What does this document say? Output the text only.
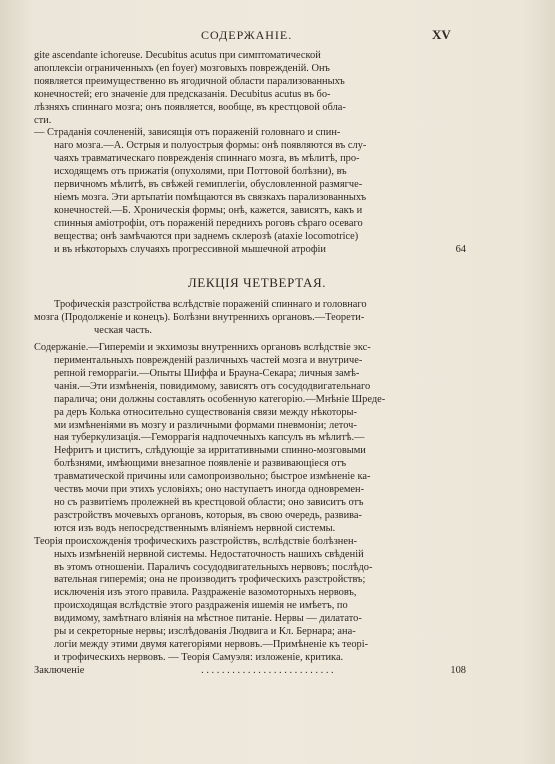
СОДЕРЖАНІЕ.	XV
gite ascendante ichoreuse. Decubitus acutus при симптоматической
апоплексіи ограниченныхъ (en foyer) мозговыхъ поврежденій. Онъ
появляется преимущественно въ ягодичной области парализованныхъ
конечностей; его значеніе для предсказанія. Decubitus acutus въ бо-
лѣзняхъ спиннаго мозга; онъ появляется, вообще, въ крестцовой обла-
сти.
— Страданія сочлененій, зависящія отъ пораженій головнаго и спин-
наго мозга.—А. Острыя и полуострыя формы: онѣ появляются въ слу-
чаяхъ травматическаго поврежденія спиннаго мозга, въ мѣлитѣ, про-
исходящемъ отъ прижатія (опухолями, при Поттовой болѣзни), въ
первичномъ мѣлитѣ, въ свѣжей гемиплегіи, обусловленной размягче-
ніемъ мозга. Эти артьпатіи помѣщаются въ связкахъ парализованныхъ
конечностей.—Б. Хроническія формы; онѣ, кажется, зависятъ, какъ и
спинныя аміотрофіи, отъ пораженій переднихъ роговъ сѣраго осеваго
вещества; онѣ замѣчаются при заднемъ склерозѣ (ataxie locomotrice)
и въ нѣкоторыхъ случаяхъ прогрессивной мышечной атрофіи	64
ЛЕКЦІЯ ЧЕТВЕРТАЯ.
Трофическія разстройства вслѣдствіе пораженій спиннаго и головнаго
мозга (Продолженіе и конецъ). Болѣзни внутреннихъ органовъ.—Теорети-
ческая часть.
Содержаніе.—Гипереміи и экхимозы внутреннихъ органовъ вслѣдствіе экс-
периментальныхъ поврежденій различныхъ частей мозга и внутриче-
репной геморрагіи.—Опыты Шиффа и Брауна-Секара; личныя замѣ-
чанія.—Эти измѣненія, повидимому, зависятъ отъ сосудодвигательнаго
паралича; они должны составлять особенную категорію.—Мнѣніе Шреде-
ра деръ Колька относительно существованія связи между нѣкоторы-
ми измѣненіями въ мозгу и различными формами пневмоніи; леточ-
ная туберкулизація.—Геморрагія надпочечныхъ капсулъ въ мѣлитѣ.—
Нефритъ и циститъ, слѣдующіе за ирритативными спинно-мозговыми
болѣзнями, имѣющими внезапное появленіе и развивающіеся отъ
травматической причины или самопроизвольно; быстрое измѣненіе ка-
чествъ мочи при этихъ условіяхъ; оно наступаетъ иногда одновремен-
но съ развитіемъ пролежней въ крестцовой области; оно зависитъ отъ
разстройствъ мочевыхъ органовъ, которыя, въ свою очередь, развива-
ются изъ водъ непосредственнымъ вліяніемъ нервной системы.
Теорія происхожденія трофическихъ разстройствъ, вслѣдствіе болѣзнен-
ныхъ измѣненій нервной системы. Недостаточность нашихъ свѣденій
въ этомъ отношеніи. Параличъ сосудодвигательныхъ нервовъ; послѣдо-
вательная гиперемія; она не производитъ трофическихъ разстройствъ;
исключенія изъ этого правила. Раздраженіе вазомоторныхъ нервовъ,
происходящая вслѣдствіе этого раздраженія ишемія не имѣетъ, по
видимому, замѣтнаго вліянія на мѣстное питаніе. Нервы — дилатато-
ры и секреторные нервы; изслѣдованія Людвига и Кл. Бернара; ана-
логіи между этими двумя категоріями нервовъ.—Примѣненіе къ теорі-
и трофическихъ нервовъ. — Теорія Самуэля: изложеніе, критика.
Заключеніе	. . . . . . . . . . . . . . . . . . . . . . . . . .	108
